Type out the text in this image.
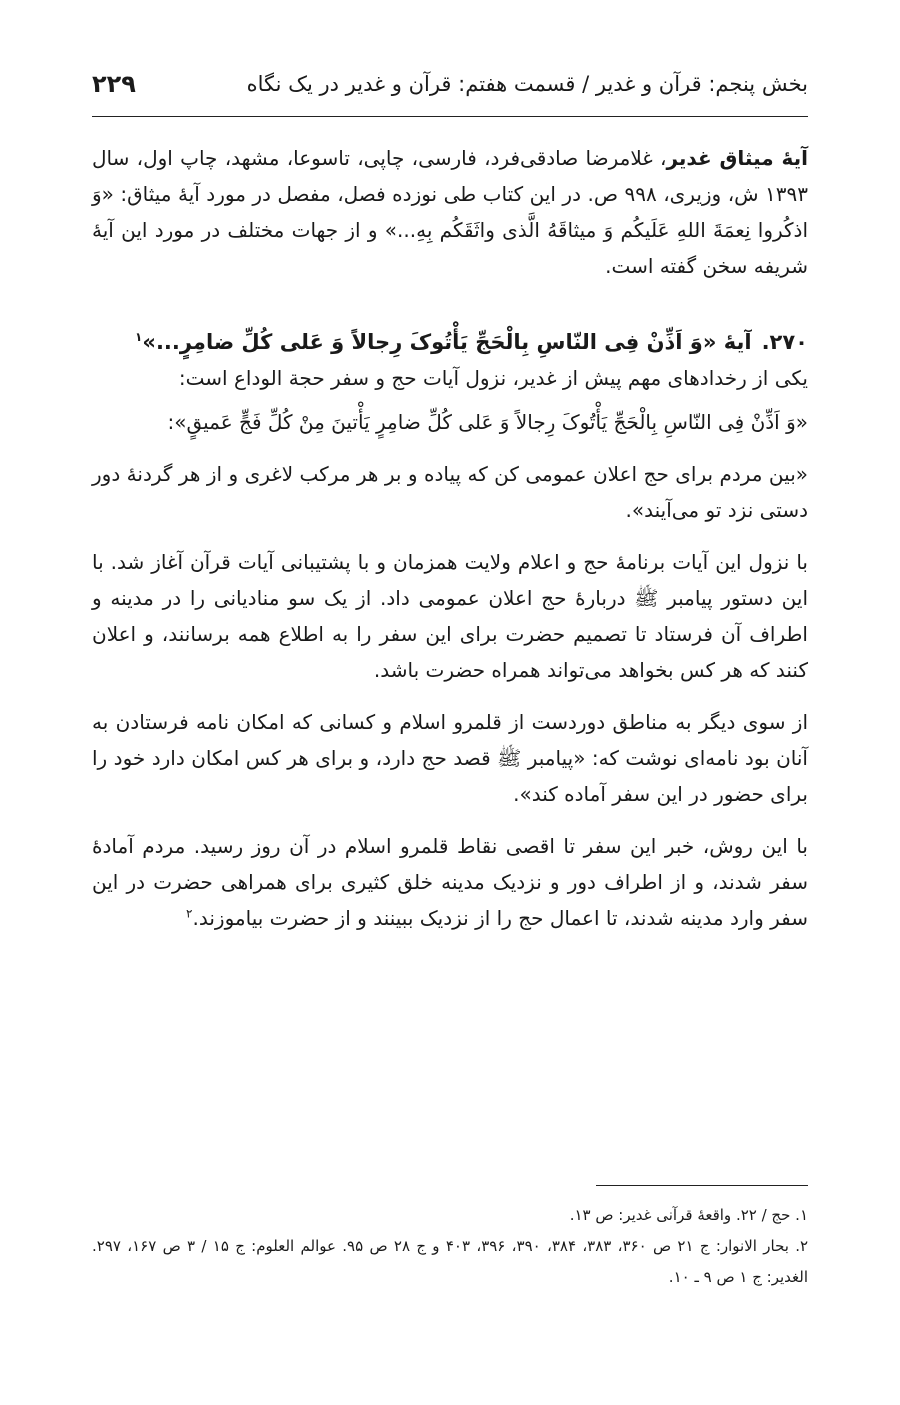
بخش پنجم: قرآن و غدیر / قسمت هفتم: قرآن و غدیر در یک نگاه
۲۲۹

آیهٔ میثاق غدیر، غلامرضا صادقی‌فرد، فارسی، چاپی، تاسوعا، مشهد، چاپ اول، سال ۱۳۹۳ ش، وزیری، ۹۹۸ ص. در این کتاب طی نوزده فصل، مفصل در مورد آیهٔ میثاق: «وَ اذکُروا نِعمَةَ اللهِ عَلَیکُم وَ میثاقَهُ الَّذی واثَقَکُم بِهِ...» و از جهات مختلف در مورد این آیهٔ شریفه سخن گفته است.

۲۷۰.آیهٔ «وَ اَذِّنْ فِی النّاسِ بِالْحَجِّ یَأْتُوکَ رِجالاً وَ عَلی کُلِّ ضامِرٍ...»$^۱$

یکی از رخدادهای مهم پیش از غدیر، نزول آیات حج و سفر حجة الوداع است:

«وَ اَذِّنْ فِی النّاسِ بِالْحَجِّ یَأْتُوکَ رِجالاً وَ عَلی کُلِّ ضامِرٍ یَأْتینَ مِنْ کُلِّ فَجٍّ عَمیقٍ»:

«بین مردم برای حج اعلان عمومی کن که پیاده و بر هر مرکب لاغری و از هر گردنهٔ دور دستی نزد تو می‌آیند».

با نزول این آیات برنامهٔ حج و اعلام ولایت همزمان و با پشتیبانی آیات قرآن آغاز شد. با این دستور پیامبر ﷺ دربارهٔ حج اعلان عمومی داد. از یک سو منادیانی را در مدینه و اطراف آن فرستاد تا تصمیم حضرت برای این سفر را به اطلاع همه برسانند، و اعلان کنند که هر کس بخواهد می‌تواند همراه حضرت باشد.

از سوی دیگر به مناطق دوردست از قلمرو اسلام و کسانی که امکان نامه فرستادن به آنان بود نامه‌ای نوشت که: «پیامبر ﷺ قصد حج دارد، و برای هر کس امکان دارد خود را برای حضور در این سفر آماده کند».

با این روش، خبر این سفر تا اقصی نقاط قلمرو اسلام در آن روز رسید. مردم آمادهٔ سفر شدند، و از اطراف دور و نزدیک مدینه خلق کثیری برای همراهی حضرت در این سفر وارد مدینه شدند، تا اعمال حج را از نزدیک ببینند و از حضرت بیاموزند.$^۲$

۱. حج / ۲۲. واقعهٔ قرآنی غدیر: ص ۱۳.

۲. بحار الانوار: ج ۲۱ ص ۳۶۰، ۳۸۳، ۳۸۴، ۳۹۰، ۳۹۶، ۴۰۳ و ج ۲۸ ص ۹۵. عوالم العلوم: ج ۱۵ / ۳ ص ۱۶۷، ۲۹۷. الغدیر: ج ۱ ص ۹ ـ ۱۰.
